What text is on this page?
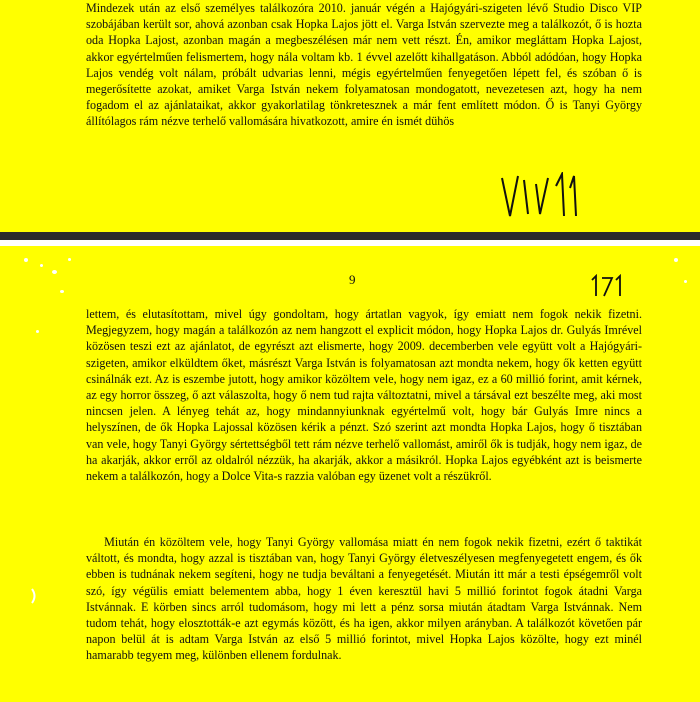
Mindezek után az első személyes találkozóra 2010. január végén a Hajógyári-szigeten lévő Studio Disco VIP szobájában került sor, ahová azonban csak Hopka Lajos jött el. Varga István szervezte meg a találkozót, ő is hozta oda Hopka Lajost, azonban magán a megbeszélésen már nem vett részt. Én, amikor megláttam Hopka Lajost, akkor egyértelműen felismertem, hogy nála voltam kb. 1 évvel azelőtt kihallgatáson. Abból adódóan, hogy Hopka Lajos vendég volt nálam, próbált udvarias lenni, mégis egyértelműen fenyegetően lépett fel, és szóban ő is megerősítette azokat, amiket Varga István nekem folyamatosan mondogatott, nevezetesen azt, hogy ha nem fogadom el az ajánlataikat, akkor gyakorlatilag tönkretesznek a már fent említett módon. Ő is Tanyi György állítólagos rám nézve terhelő vallomására hivatkozott, amire én ismét dühös

9

lettem, és elutasítottam, mivel úgy gondoltam, hogy ártatlan vagyok, így emiatt nem fogok nekik fizetni. Megjegyzem, hogy magán a találkozón az nem hangzott el explicit módon, hogy Hopka Lajos dr. Gulyás Imrével közösen teszi ezt az ajánlatot, de egyrészt azt elismerte, hogy 2009. decemberben vele együtt volt a Hajógyári-szigeten, amikor elküldtem őket, másrészt Varga István is folyamatosan azt mondta nekem, hogy ők ketten együtt csinálnák ezt. Az is eszembe jutott, hogy amikor közöltem vele, hogy nem igaz, ez a 60 millió forint, amit kérnek, az egy horror összeg, ő azt válaszolta, hogy ő nem tud rajta változtatni, mivel a társával ezt beszélte meg, aki most nincsen jelen. A lényeg tehát az, hogy mindannyiunknak egyértelmű volt, hogy bár Gulyás Imre nincs a helyszínen, de ők Hopka Lajossal közösen kérik a pénzt. Szó szerint azt mondta Hopka Lajos, hogy ő tisztában van vele, hogy Tanyi György sértettségből tett rám nézve terhelő vallomást, amiről ők is tudják, hogy nem igaz, de ha akarják, akkor erről az oldalról nézzük, ha akarják, akkor a másikról. Hopka Lajos egyébként azt is beismerte nekem a találkozón, hogy a Dolce Vita-s razzia valóban egy üzenet volt a részükről.

Miután én közöltem vele, hogy Tanyi György vallomása miatt én nem fogok nekik fizetni, ezért ő taktikát váltott, és mondta, hogy azzal is tisztában van, hogy Tanyi György életveszélyesen megfenyegetett engem, és ők ebben is tudnának nekem segíteni, hogy ne tudja beváltani a fenyegetését. Miután itt már a testi épségemről volt szó, így végülis emiatt belementem abba, hogy 1 éven keresztül havi 5 millió forintot fogok átadni Varga Istvánnak. E körben sincs arról tudomásom, hogy mi lett a pénz sorsa miután átadtam Varga Istvánnak. Nem tudom tehát, hogy elosztották-e azt egymás között, és ha igen, akkor milyen arányban. A találkozót követően pár napon belül át is adtam Varga István az első 5 millió forintot, mivel Hopka Lajos közölte, hogy ezt minél hamarabb tegyem meg, különben ellenem fordulnak.
